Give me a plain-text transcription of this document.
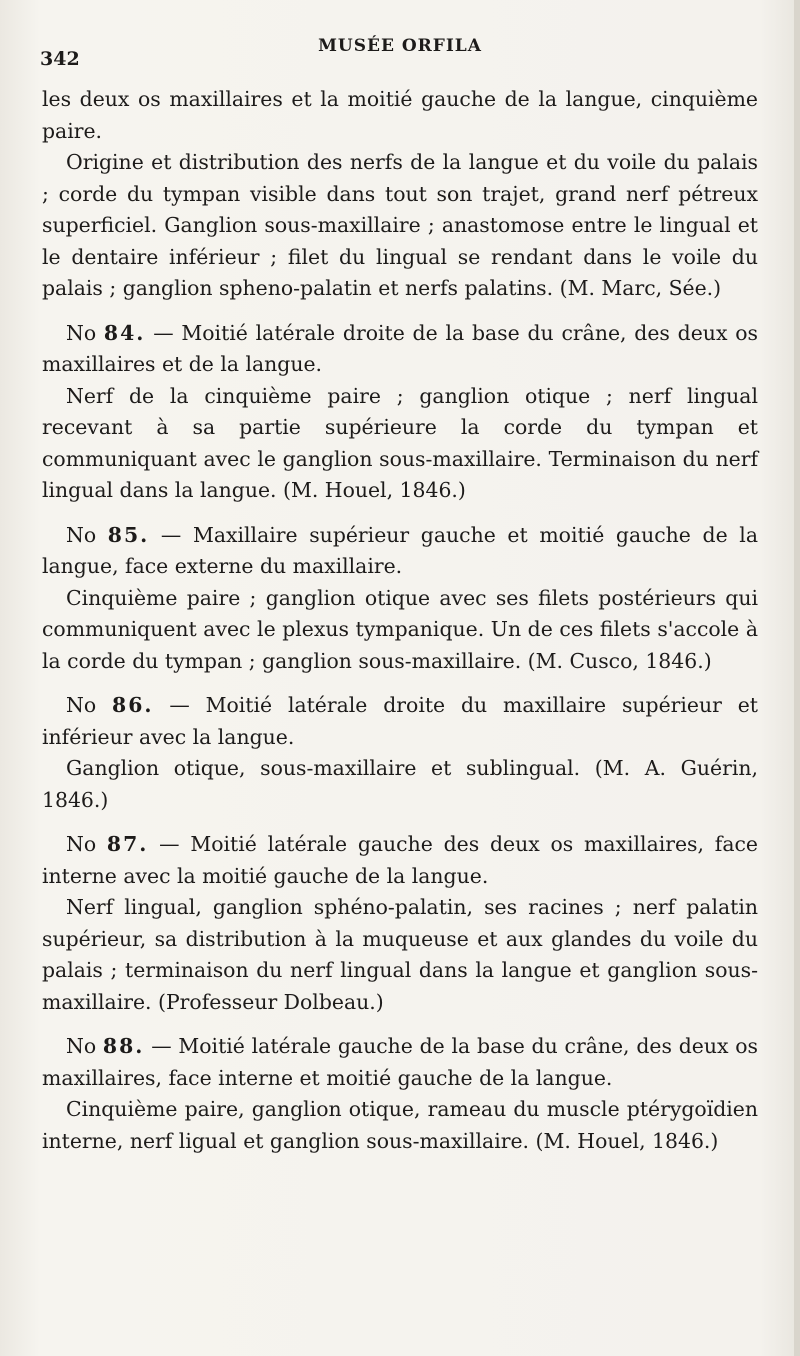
342
MUSÉE ORFILA

les deux os maxillaires et la moitié gauche de la langue, cinquième paire.

Origine et distribution des nerfs de la langue et du voile du palais ; corde du tympan visible dans tout son trajet, grand nerf pétreux superficiel. Ganglion sous-maxillaire ; anastomose entre le lingual et le dentaire inférieur ; filet du lingual se rendant dans le voile du palais ; ganglion spheno-palatin et nerfs palatins. (M. Marc, Sée.)

No 84. — Moitié latérale droite de la base du crâne, des deux os maxillaires et de la langue.

Nerf de la cinquième paire ; ganglion otique ; nerf lingual recevant à sa partie supérieure la corde du tympan et communiquant avec le ganglion sous-maxillaire. Terminaison du nerf lingual dans la langue. (M. Houel, 1846.)

No 85. — Maxillaire supérieur gauche et moitié gauche de la langue, face externe du maxillaire.

Cinquième paire ; ganglion otique avec ses filets postérieurs qui communiquent avec le plexus tympanique. Un de ces filets s'accole à la corde du tympan ; ganglion sous-maxillaire. (M. Cusco, 1846.)

No 86. — Moitié latérale droite du maxillaire supérieur et inférieur avec la langue.

Ganglion otique, sous-maxillaire et sublingual. (M. A. Guérin, 1846.)

No 87. — Moitié latérale gauche des deux os maxillaires, face interne avec la moitié gauche de la langue.

Nerf lingual, ganglion sphéno-palatin, ses racines ; nerf palatin supérieur, sa distribution à la muqueuse et aux glandes du voile du palais ; terminaison du nerf lingual dans la langue et ganglion sous-maxillaire. (Professeur Dolbeau.)

No 88. — Moitié latérale gauche de la base du crâne, des deux os maxillaires, face interne et moitié gauche de la langue.

Cinquième paire, ganglion otique, rameau du muscle ptérygoïdien interne, nerf ligual et ganglion sous-maxillaire. (M. Houel, 1846.)
